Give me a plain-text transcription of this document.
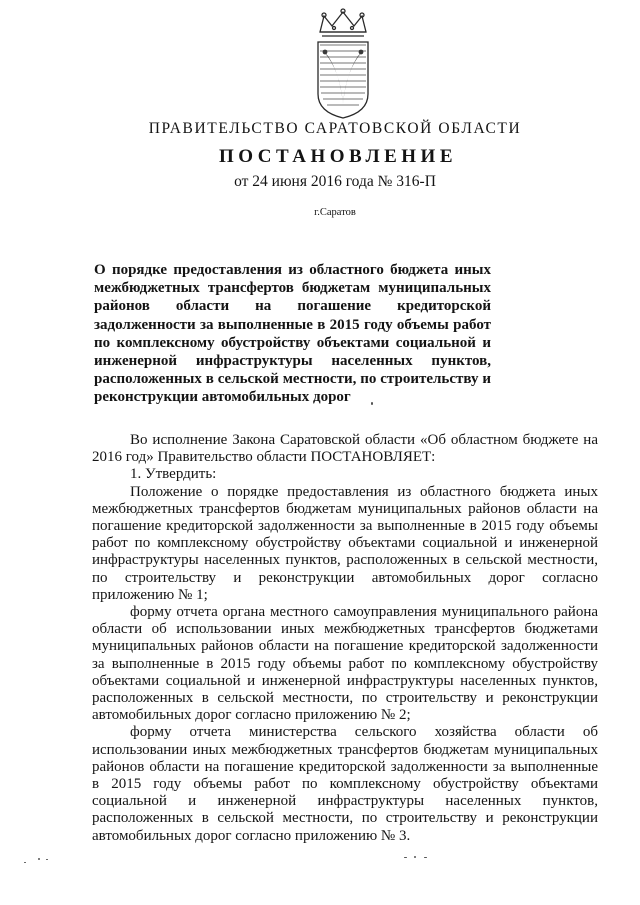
ПРАВИТЕЛЬСТВО САРАТОВСКОЙ ОБЛАСТИ
ПОСТАНОВЛЕНИЕ
от 24 июня 2016 года № 316-П
г.Саратов
О порядке предоставления из областного бюджета иных межбюджетных трансфертов бюджетам муниципальных районов области на погашение кредиторской задолженности за выполненные в 2015 году объемы работ по комплексному обустройству объектами социальной и инженерной инфраструктуры населенных пунктов, расположенных в сельской местности, по строительству и реконструкции автомобильных дорог

Во исполнение Закона Саратовской области «Об областном бюджете на 2016 год» Правительство области ПОСТАНОВЛЯЕТ:

1. Утвердить:

Положение о порядке предоставления из областного бюджета иных межбюджетных трансфертов бюджетам муниципальных районов области на погашение кредиторской задолженности за выполненные в 2015 году объемы работ по комплексному обустройству объектами социальной и инженерной инфраструктуры населенных пунктов, расположенных в сельской местности, по строительству и реконструкции автомобильных дорог согласно приложению № 1;

форму отчета органа местного самоуправления муниципального района области об использовании иных межбюджетных трансфертов бюджетами муниципальных районов области на погашение кредиторской задолженности за выполненные в 2015 году объемы работ по комплексному обустройству объектами социальной и инженерной инфраструктуры населенных пунктов, расположенных в сельской местности, по строительству и реконструкции автомобильных дорог согласно приложению № 2;

форму отчета министерства сельского хозяйства области об использовании иных межбюджетных трансфертов бюджетам муниципальных районов области на погашение кредиторской задолженности за выполненные в 2015 году объемы работ по комплексному обустройству объектами социальной и инженерной инфраструктуры населенных пунктов, расположенных в сельской местности, по строительству и реконструкции автомобильных дорог согласно приложению № 3.
